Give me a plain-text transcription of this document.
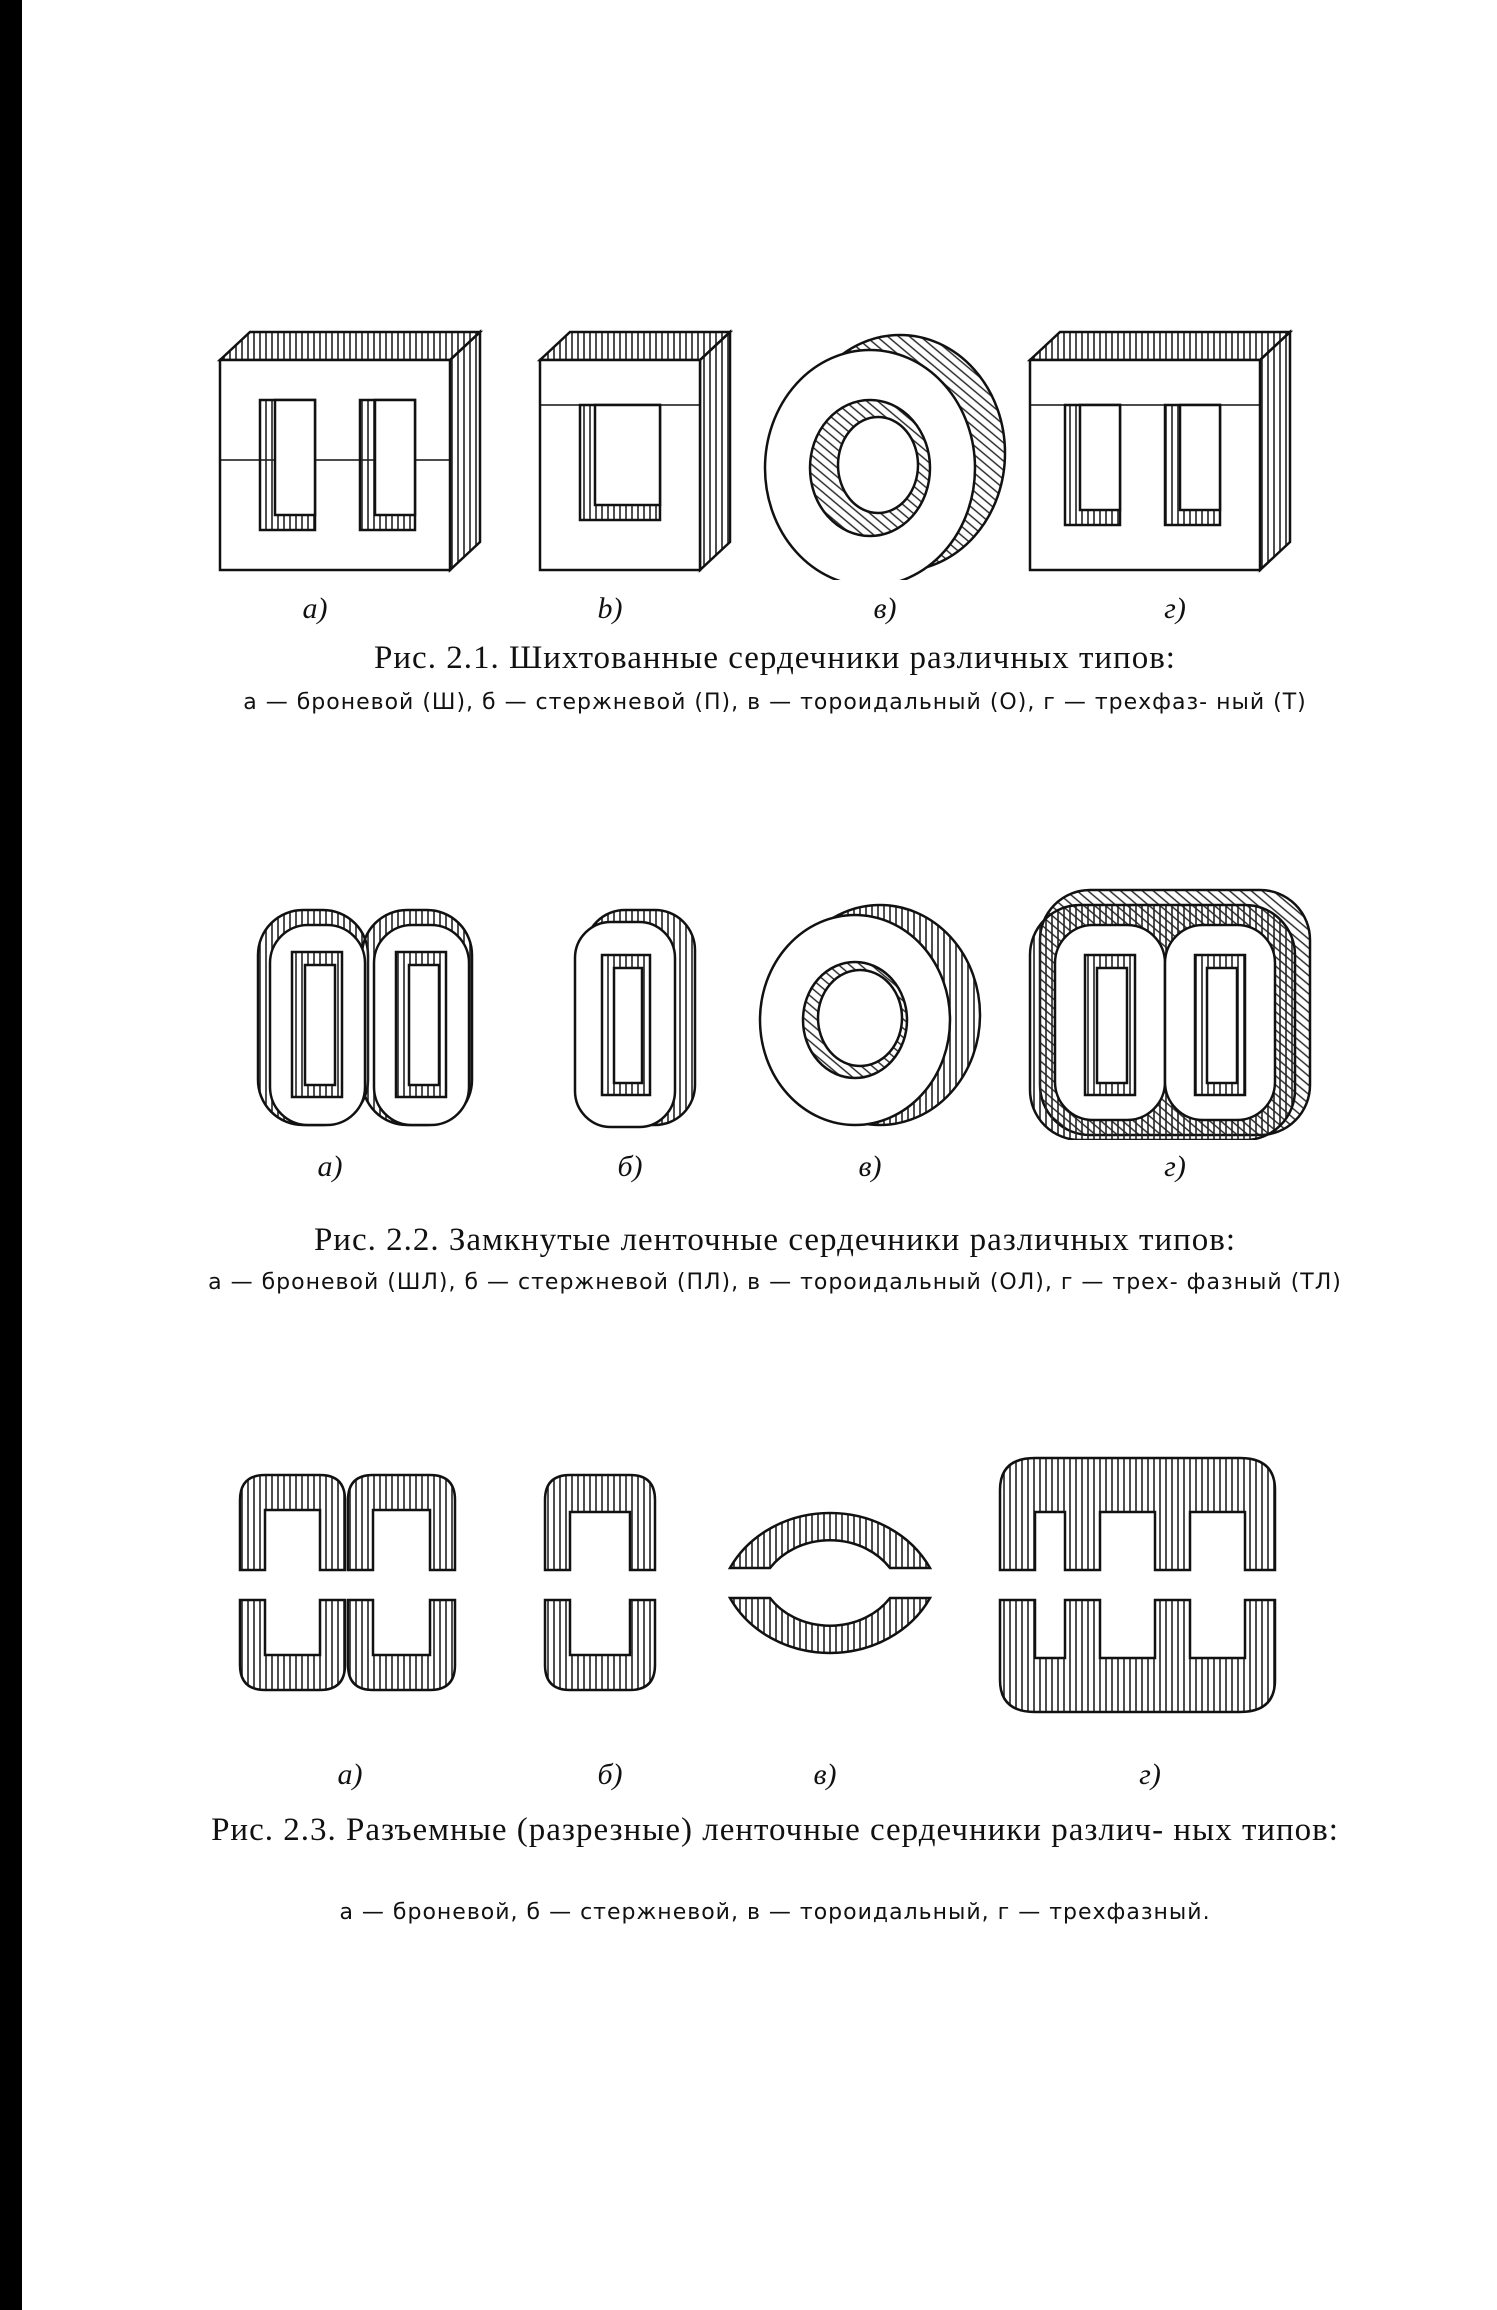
a)	b)	в)	г)
Рис. 2.1. Шихтованные сердечники различных типов:
а — броневой (Ш), б — стержневой (П), в — тороидальный (О), г — трехфаз- ный (Т)
а)	б)	в)	г)
Рис. 2.2. Замкнутые ленточные сердечники различных типов:
а — броневой (ШЛ), б — стержневой (ПЛ), в — тороидальный (ОЛ), г — трех- фазный (ТЛ)
а)	б)	в)	г)
Рис. 2.3. Разъемные (разрезные) ленточные сердечники различ- ных типов:
а — броневой, б — стержневой, в — тороидальный, г — трехфазный.
